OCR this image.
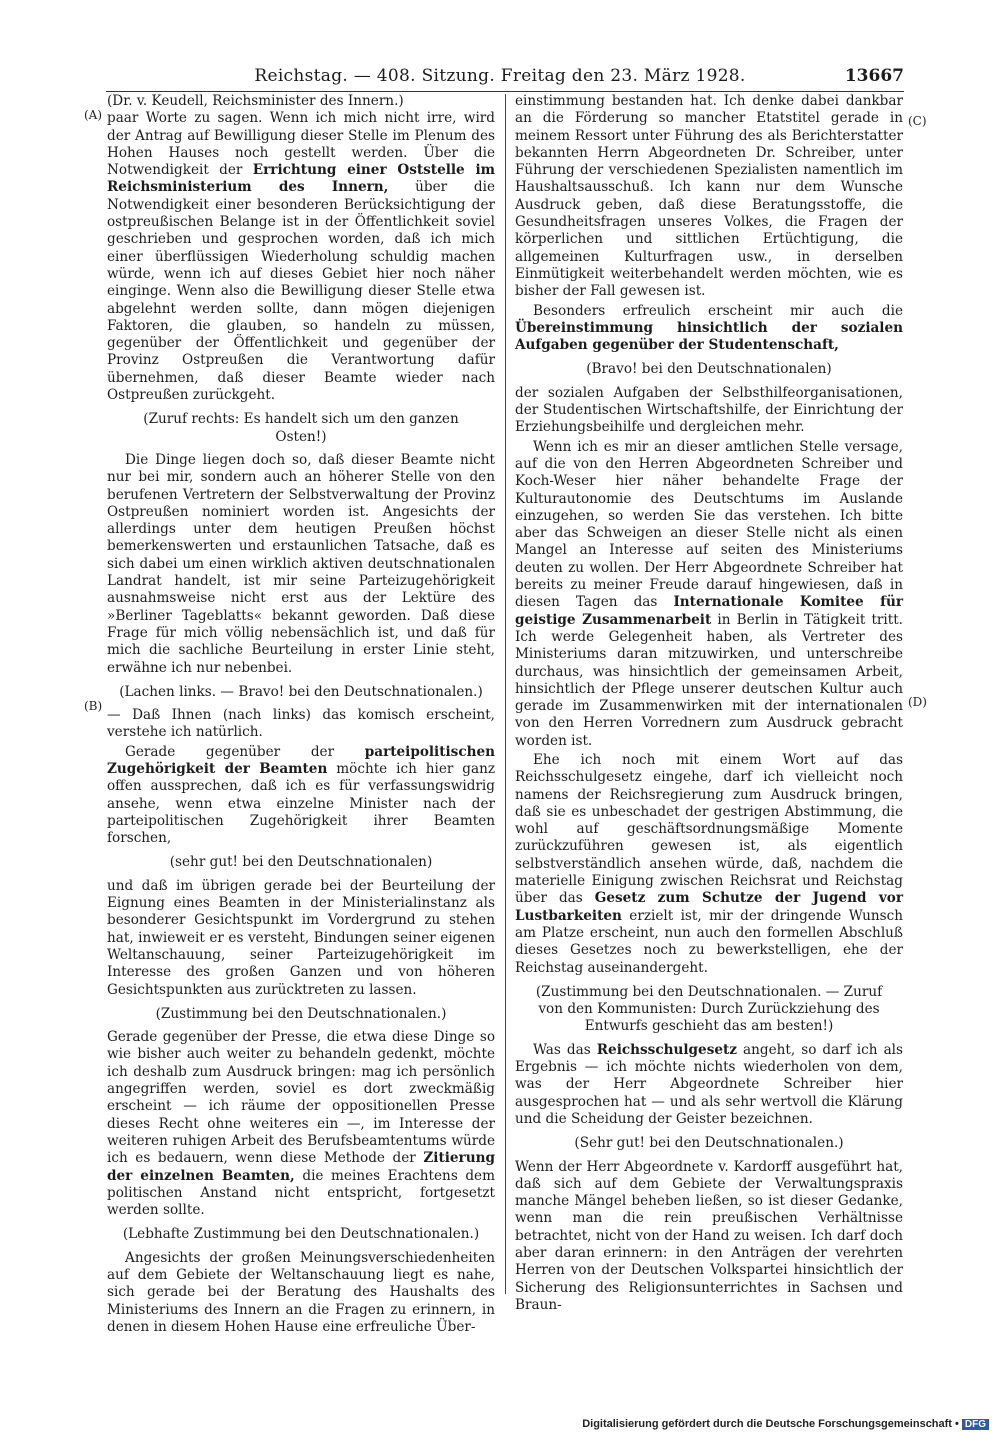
Reichstag. — 408. Sitzung. Freitag den 23. März 1928.	13667
(A)
(B)
(C)
(D)

(Dr. v. Keudell, Reichsminister des Innern.)

paar Worte zu sagen. Wenn ich mich nicht irre, wird der Antrag auf Bewilligung dieser Stelle im Plenum des Hohen Hauses noch gestellt werden. Über die Notwendigkeit der Errichtung einer Oststelle im Reichsministerium des Innern, über die Notwendigkeit einer besonderen Berücksichtigung der ostpreußischen Belange ist in der Öffentlichkeit soviel geschrieben und gesprochen worden, daß ich mich einer überflüssigen Wiederholung schuldig machen würde, wenn ich auf dieses Gebiet hier noch näher einginge. Wenn also die Bewilligung dieser Stelle etwa abgelehnt werden sollte, dann mögen diejenigen Faktoren, die glauben, so handeln zu müssen, gegenüber der Öffentlichkeit und gegenüber der Provinz Ostpreußen die Verantwortung dafür übernehmen, daß dieser Beamte wieder nach Ostpreußen zurückgeht.

(Zuruf rechts: Es handelt sich um den ganzen Osten!)

Die Dinge liegen doch so, daß dieser Beamte nicht nur bei mir, sondern auch an höherer Stelle von den berufenen Vertretern der Selbstverwaltung der Provinz Ostpreußen nominiert worden ist. Angesichts der allerdings unter dem heutigen Preußen höchst bemerkenswerten und erstaunlichen Tatsache, daß es sich dabei um einen wirklich aktiven deutschnationalen Landrat handelt, ist mir seine Parteizugehörigkeit ausnahmsweise nicht erst aus der Lektüre des »Berliner Tageblatts« bekannt geworden. Daß diese Frage für mich völlig nebensächlich ist, und daß für mich die sachliche Beurteilung in erster Linie steht, erwähne ich nur nebenbei.

(Lachen links. — Bravo! bei den Deutschnationalen.)

— Daß Ihnen (nach links) das komisch erscheint, verstehe ich natürlich.

Gerade gegenüber der parteipolitischen Zugehörigkeit der Beamten möchte ich hier ganz offen aussprechen, daß ich es für verfassungswidrig ansehe, wenn etwa einzelne Minister nach der parteipolitischen Zugehörigkeit ihrer Beamten forschen,

(sehr gut! bei den Deutschnationalen)

und daß im übrigen gerade bei der Beurteilung der Eignung eines Beamten in der Ministerialinstanz als besonderer Gesichtspunkt im Vordergrund zu stehen hat, inwieweit er es versteht, Bindungen seiner eigenen Weltanschauung, seiner Parteizugehörigkeit im Interesse des großen Ganzen und von höheren Gesichtspunkten aus zurücktreten zu lassen.

(Zustimmung bei den Deutschnationalen.)

Gerade gegenüber der Presse, die etwa diese Dinge so wie bisher auch weiter zu behandeln gedenkt, möchte ich deshalb zum Ausdruck bringen: mag ich persönlich angegriffen werden, soviel es dort zweckmäßig erscheint — ich räume der oppositionellen Presse dieses Recht ohne weiteres ein —, im Interesse der weiteren ruhigen Arbeit des Berufsbeamtentums würde ich es bedauern, wenn diese Methode der Zitierung der einzelnen Beamten, die meines Erachtens dem politischen Anstand nicht entspricht, fortgesetzt werden sollte.

(Lebhafte Zustimmung bei den Deutschnationalen.)

Angesichts der großen Meinungsverschiedenheiten auf dem Gebiete der Weltanschauung liegt es nahe, sich gerade bei der Beratung des Haushalts des Ministeriums des Innern an die Fragen zu erinnern, in denen in diesem Hohen Hause eine erfreuliche Über-

einstimmung bestanden hat. Ich denke dabei dankbar an die Förderung so mancher Etatstitel gerade in meinem Ressort unter Führung des als Berichterstatter bekannten Herrn Abgeordneten Dr. Schreiber, unter Führung der verschiedenen Spezialisten namentlich im Haushaltsausschuß. Ich kann nur dem Wunsche Ausdruck geben, daß diese Beratungsstoffe, die Gesundheitsfragen unseres Volkes, die Fragen der körperlichen und sittlichen Ertüchtigung, die allgemeinen Kulturfragen usw., in derselben Einmütigkeit weiterbehandelt werden möchten, wie es bisher der Fall gewesen ist.

Besonders erfreulich erscheint mir auch die Übereinstimmung hinsichtlich der sozialen Aufgaben gegenüber der Studentenschaft,

(Bravo! bei den Deutschnationalen)

der sozialen Aufgaben der Selbsthilfeorganisationen, der Studentischen Wirtschaftshilfe, der Einrichtung der Erziehungsbeihilfe und dergleichen mehr.

Wenn ich es mir an dieser amtlichen Stelle versage, auf die von den Herren Abgeordneten Schreiber und Koch-Weser hier näher behandelte Frage der Kulturautonomie des Deutschtums im Auslande einzugehen, so werden Sie das verstehen. Ich bitte aber das Schweigen an dieser Stelle nicht als einen Mangel an Interesse auf seiten des Ministeriums deuten zu wollen. Der Herr Abgeordnete Schreiber hat bereits zu meiner Freude darauf hingewiesen, daß in diesen Tagen das Internationale Komitee für geistige Zusammenarbeit in Berlin in Tätigkeit tritt. Ich werde Gelegenheit haben, als Vertreter des Ministeriums daran mitzuwirken, und unterschreibe durchaus, was hinsichtlich der gemeinsamen Arbeit, hinsichtlich der Pflege unserer deutschen Kultur auch gerade im Zusammenwirken mit der internationalen von den Herren Vorrednern zum Ausdruck gebracht worden ist.

Ehe ich noch mit einem Wort auf das Reichsschulgesetz eingehe, darf ich vielleicht noch namens der Reichsregierung zum Ausdruck bringen, daß sie es unbeschadet der gestrigen Abstimmung, die wohl auf geschäftsordnungsmäßige Momente zurückzuführen gewesen ist, als eigentlich selbstverständlich ansehen würde, daß, nachdem die materielle Einigung zwischen Reichsrat und Reichstag über das Gesetz zum Schutze der Jugend vor Lustbarkeiten erzielt ist, mir der dringende Wunsch am Platze erscheint, nun auch den formellen Abschluß dieses Gesetzes noch zu bewerkstelligen, ehe der Reichstag auseinandergeht.

(Zustimmung bei den Deutschnationalen. — Zuruf von den Kommunisten: Durch Zurückziehung des Entwurfs geschieht das am besten!)

Was das Reichsschulgesetz angeht, so darf ich als Ergebnis — ich möchte nichts wiederholen von dem, was der Herr Abgeordnete Schreiber hier ausgesprochen hat — und als sehr wertvoll die Klärung und die Scheidung der Geister bezeichnen.

(Sehr gut! bei den Deutschnationalen.)

Wenn der Herr Abgeordnete v. Kardorff ausgeführt hat, daß sich auf dem Gebiete der Verwaltungspraxis manche Mängel beheben ließen, so ist dieser Gedanke, wenn man die rein preußischen Verhältnisse betrachtet, nicht von der Hand zu weisen. Ich darf doch aber daran erinnern: in den Anträgen der verehrten Herren von der Deutschen Volkspartei hinsichtlich der Sicherung des Religionsunterrichtes in Sachsen und Braun-

Digitalisierung gefördert durch die Deutsche Forschungsgemeinschaft • DFG
